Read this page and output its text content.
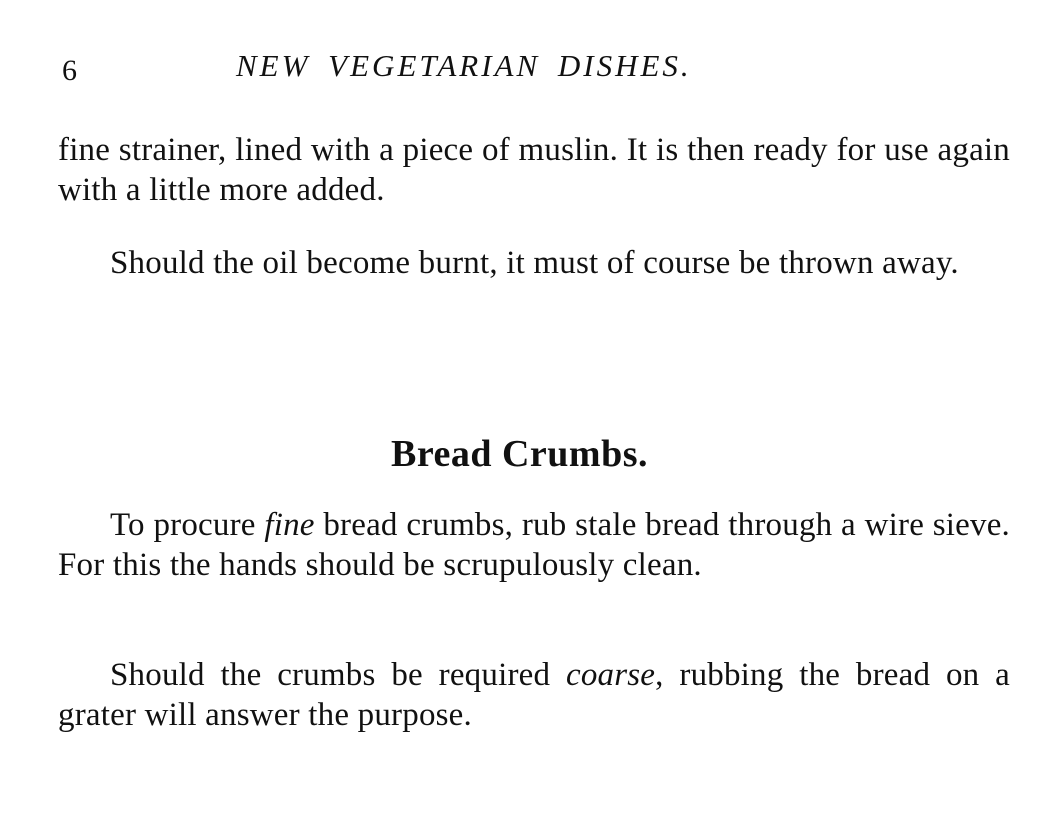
6	NEW VEGETARIAN DISHES.

fine strainer, lined with a piece of muslin. It is then ready for use again with a little more added.

Should the oil become burnt, it must of course be thrown away.

Bread Crumbs.

To procure fine bread crumbs, rub stale bread through a wire sieve. For this the hands should be scrupulously clean.

Should the crumbs be required coarse, rubbing the bread on a grater will answer the purpose.
